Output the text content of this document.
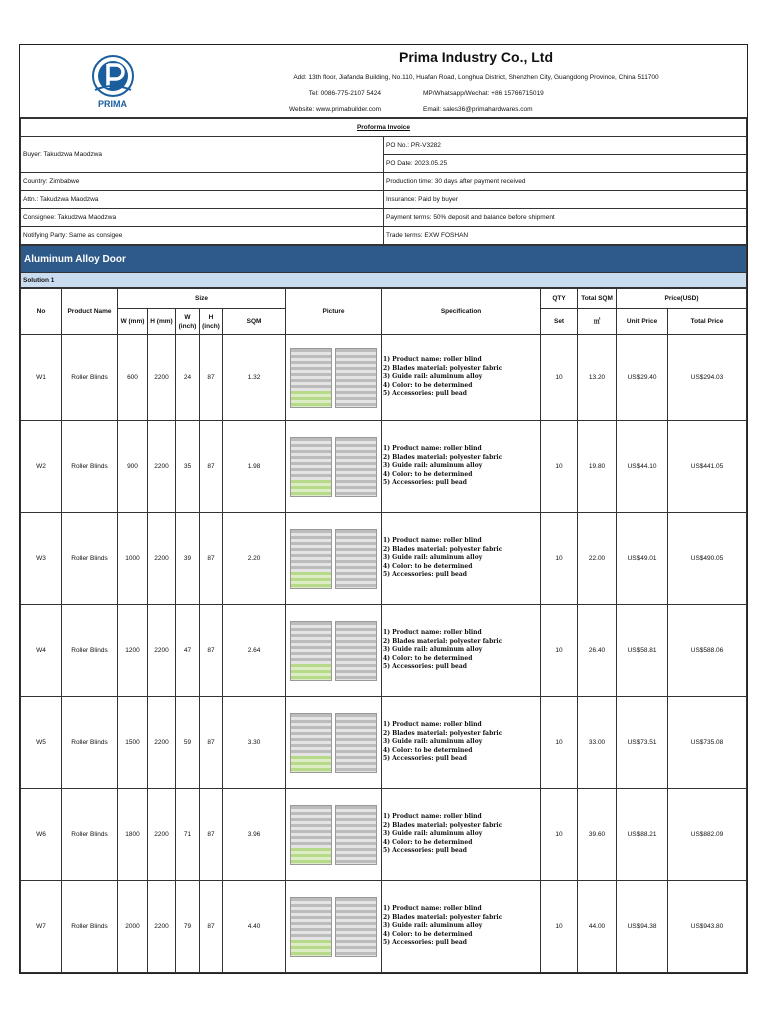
PRIMA	Prima Industry Co., Ltd	
	Add: 13th floor, Jiafanda Building, No.110, Huafan Road, Longhua District, Shenzhen City, Guangdong Province, China 511700	
	Tel: 0086-775-2107 5424	MP/Whatsapp/Wechat: +86 15766715019
	Website: www.primabuilder.com	Email: sales36@primahardwares.com
Proforma Invoice	
Buyer: Takudzwa Maodzwa	PO No.: PR-V3282
	PO Date: 2023.05.25
Country: Zimbabwe	Production time: 30 days after payment received
Attn.: Takudzwa Maodzwa	Insurance: Paid by buyer
Consignee: Takudzwa Maodzwa	Payment terms: 50% deposit and balance before shipment
Notifying Party: Same as consigee	Trade terms: EXW FOSHAN
Aluminum Alloy Door
Solution 1
No	Product Name	Size					Picture	Specification	QTY	Total SQM	Price(USD)	
		W (mm)	H (mm)	W (inch)	H (inch)	SQM			Set	㎡	Unit Price	Total Price
W1	Roller Blinds	600	2200	24	87	1.32		1) Product name: roller blind
2) Blades material: polyester fabric
3) Guide rail: aluminum alloy
4) Color: to be determined
5) Accessories: pull bead	10	13.20	US$29.40	US$294.03
W2	Roller Blinds	900	2200	35	87	1.98		1) Product name: roller blind
2) Blades material: polyester fabric
3) Guide rail: aluminum alloy
4) Color: to be determined
5) Accessories: pull bead	10	19.80	US$44.10	US$441.05
W3	Roller Blinds	1000	2200	39	87	2.20		1) Product name: roller blind
2) Blades material: polyester fabric
3) Guide rail: aluminum alloy
4) Color: to be determined
5) Accessories: pull bead	10	22.00	US$49.01	US$490.05
W4	Roller Blinds	1200	2200	47	87	2.64		1) Product name: roller blind
2) Blades material: polyester fabric
3) Guide rail: aluminum alloy
4) Color: to be determined
5) Accessories: pull bead	10	26.40	US$58.81	US$588.06
W5	Roller Blinds	1500	2200	59	87	3.30		1) Product name: roller blind
2) Blades material: polyester fabric
3) Guide rail: aluminum alloy
4) Color: to be determined
5) Accessories: pull bead	10	33.00	US$73.51	US$735.08
W6	Roller Blinds	1800	2200	71	87	3.96		1) Product name: roller blind
2) Blades material: polyester fabric
3) Guide rail: aluminum alloy
4) Color: to be determined
5) Accessories: pull bead	10	39.60	US$88.21	US$882.09
W7	Roller Blinds	2000	2200	79	87	4.40		1) Product name: roller blind
2) Blades material: polyester fabric
3) Guide rail: aluminum alloy
4) Color: to be determined
5) Accessories: pull bead	10	44.00	US$94.38	US$943.80
